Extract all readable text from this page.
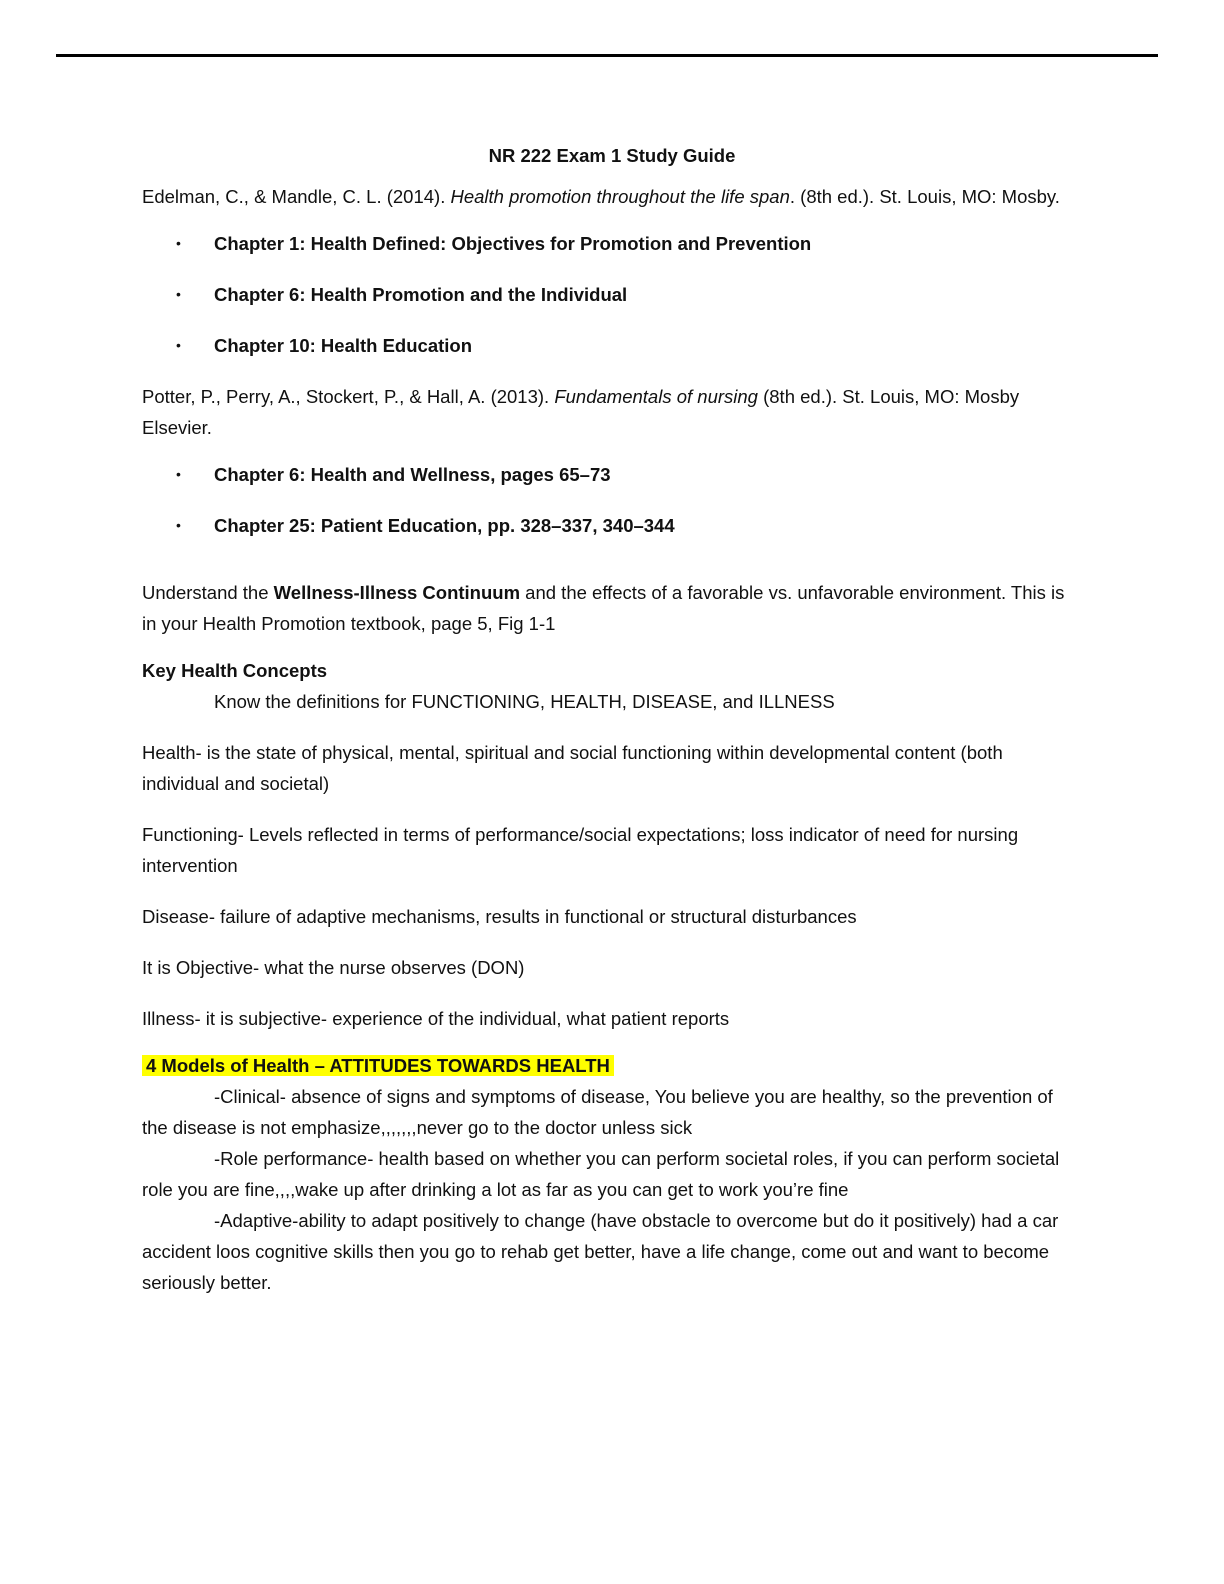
NR 222 Exam 1 Study Guide

Edelman, C., & Mandle, C. L. (2014). Health promotion throughout the life span. (8th ed.). St. Louis, MO: Mosby.

• Chapter 1: Health Defined: Objectives for Promotion and Prevention
• Chapter 6: Health Promotion and the Individual
• Chapter 10: Health Education

Potter, P., Perry, A., Stockert, P., & Hall, A. (2013). Fundamentals of nursing (8th ed.). St. Louis, MO: Mosby Elsevier.

• Chapter 6: Health and Wellness, pages 65–73
• Chapter 25: Patient Education, pp. 328–337, 340–344

Understand the Wellness-Illness Continuum and the effects of a favorable vs. unfavorable environment. This is in your Health Promotion textbook, page 5, Fig 1-1

Key Health Concepts

Know the definitions for FUNCTIONING, HEALTH, DISEASE, and ILLNESS

Health- is the state of physical, mental, spiritual and social functioning within developmental content (both individual and societal)

Functioning- Levels reflected in terms of performance/social expectations; loss indicator of need for nursing intervention

Disease- failure of adaptive mechanisms, results in functional or structural disturbances

It is Objective- what the nurse observes (DON)

Illness- it is subjective- experience of the individual, what patient reports

4 Models of Health – ATTITUDES TOWARDS HEALTH

-Clinical- absence of signs and symptoms of disease, You believe you are healthy, so the prevention of the disease is not emphasize,,,,,,,never go to the doctor unless sick

-Role performance- health based on whether you can perform societal roles, if you can perform societal role you are fine,,,,wake up after drinking a lot as far as you can get to work you’re fine

-Adaptive-ability to adapt positively to change (have obstacle to overcome but do it positively) had a car accident loos cognitive skills then you go to rehab get better, have a life change, come out and want to become seriously better.
